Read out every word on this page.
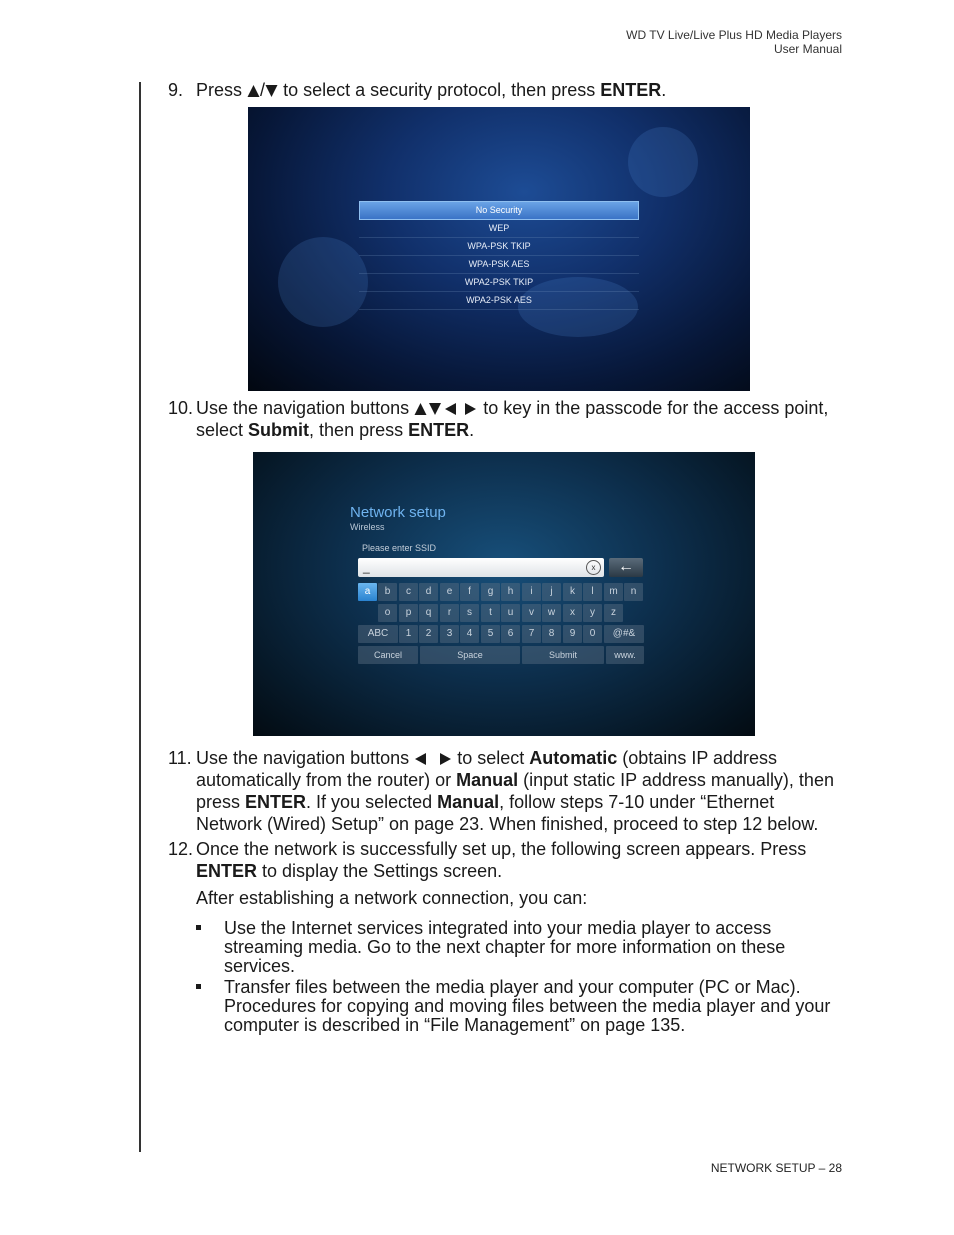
WD TV Live/Live Plus HD Media Players
User Manual
9. Press / to select a security protocol, then press ENTER.
No Security
WEP
WPA-PSK TKIP
WPA-PSK AES
WPA2-PSK TKIP
WPA2-PSK AES
10. Use the navigation buttons	to key in the passcode for the access point,
select Submit, then press ENTER.
Network setup
Wireless
Please enter SSID
_	x	←
a	b	c	d	e	f	g	h	i	j	k	l	m	n
o	p	q	r	s	t	u	v	w	x	y	z
ABC	1	2	3	4	5	6	7	8	9	0	@#&
Cancel	Space	Submit	www.
11. Use the navigation buttons	to select Automatic (obtains IP address
automatically from the router) or Manual (input static IP address manually), then
press ENTER. If you selected Manual, follow steps 7-10 under “Ethernet
Network (Wired) Setup” on page 23. When finished, proceed to step 12 below.
12. Once the network is successfully set up, the following screen appears. Press
ENTER to display the Settings screen.
After establishing a network connection, you can:
Use the Internet services integrated into your media player to access
streaming media. Go to the next chapter for more information on these
services.
Transfer files between the media player and your computer (PC or Mac).
Procedures for copying and moving files between the media player and your
computer is described in “File Management” on page 135.
NETWORK SETUP – 28
